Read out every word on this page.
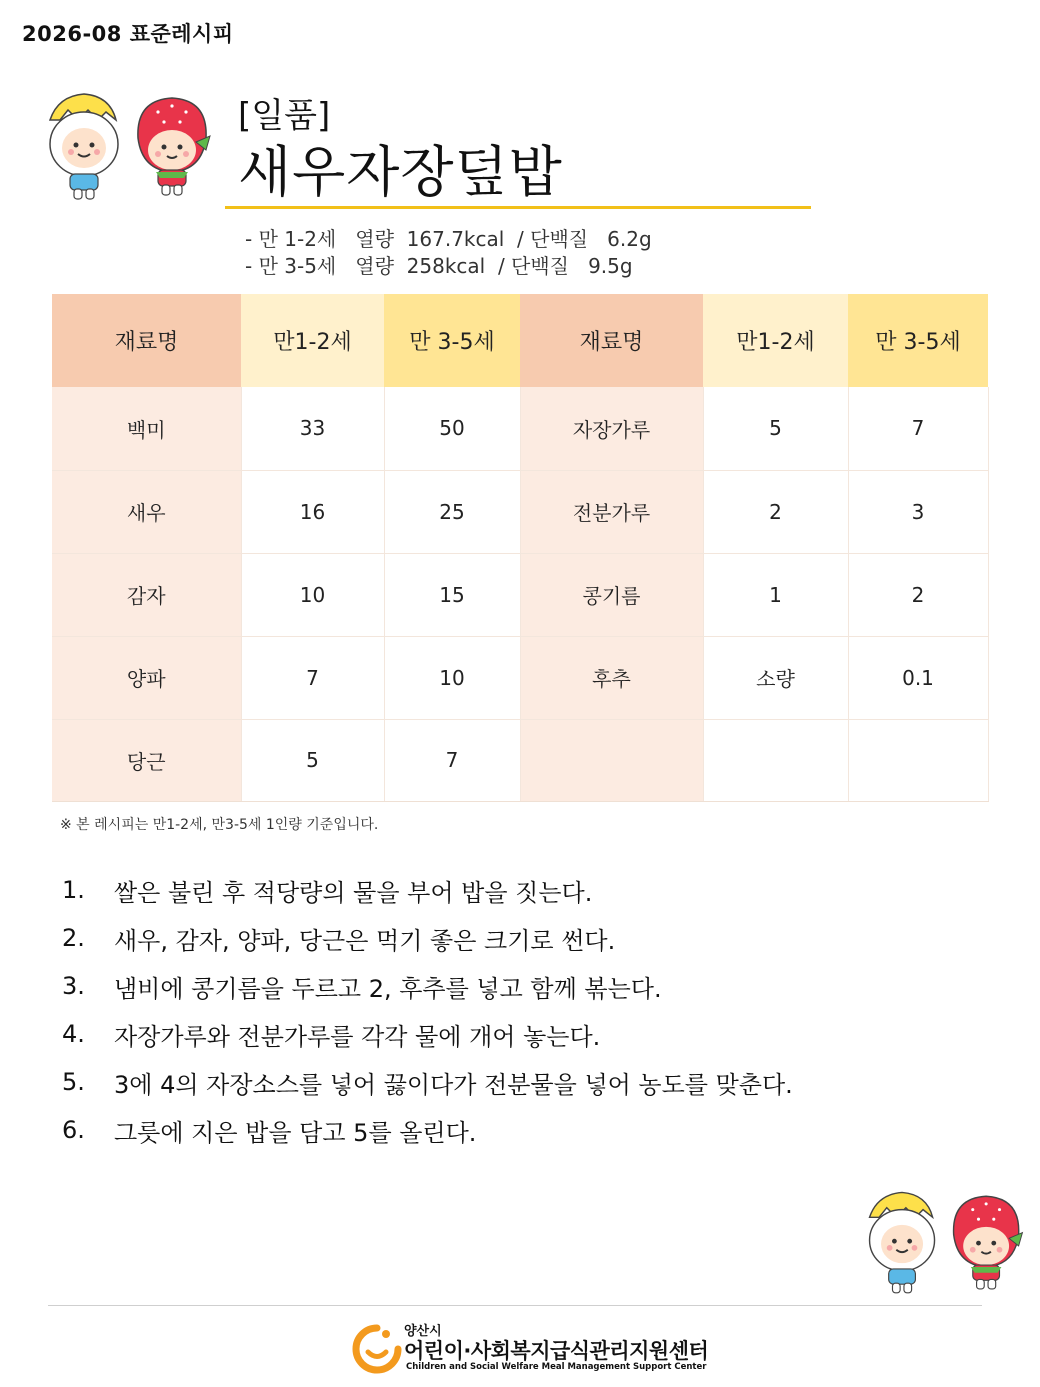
2026-08 표준레시피
[일품]
새우자장덮밥
- 만 1-2세   열량  167.7kcal  / 단백질   6.2g
- 만 3-5세   열량  258kcal  / 단백질   9.5g
재료명	만1-2세	만 3-5세	재료명	만1-2세	만 3-5세
백미	33	50	자장가루	5	7
새우	16	25	전분가루	2	3
감자	10	15	콩기름	1	2
양파	7	10	후추	소량	0.1
당근	5	7			
※ 본 레시피는 만1-2세, 만3-5세 1인량 기준입니다.
1.	쌀은 불린 후 적당량의 물을 부어 밥을 짓는다.
2.	새우, 감자, 양파, 당근은 먹기 좋은 크기로 썬다.
3.	냄비에 콩기름을 두르고 2, 후추를 넣고 함께 볶는다.
4.	자장가루와 전분가루를 각각 물에 개어 놓는다.
5.	3에 4의 자장소스를 넣어 끓이다가 전분물을 넣어 농도를 맞춘다.
6.	그릇에 지은 밥을 담고 5를 올린다.
양산시
어린이·사회복지급식관리지원센터
Children and Social Welfare Meal Management Support Center
